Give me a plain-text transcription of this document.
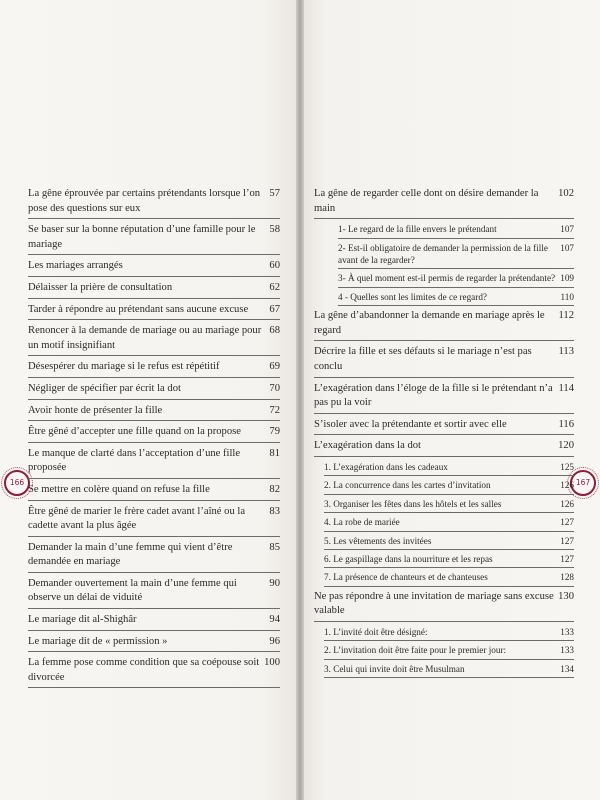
166	167
57
La gêne éprouvée par certains prétendants lorsque l’on pose des questions sur eux
58
Se baser sur la bonne réputation d’une famille pour le mariage
60
Les mariages arrangés
62
Délaisser la prière de consultation
67
Tarder à répondre au prétendant sans aucune excuse
68
Renoncer à la demande de mariage ou au mariage pour un motif insignifiant
69
Désespérer du mariage si le refus est répétitif
70
Négliger de spécifier par écrit la dot
72
Avoir honte de présenter la fille
79
Être gêné d’accepter une fille quand on la propose
81
Le manque de clarté dans l’acceptation d’une fille proposée
82
Se mettre en colère quand on refuse la fille
83
Être gêné de marier le frère cadet avant l’aîné ou la cadette avant la plus âgée
85
Demander la main d’une femme qui vient d’être demandée en mariage
90
Demander ouvertement la main d’une femme qui observe un délai de viduité
94
Le mariage dit al-Shighâr
96
Le mariage dit de « permission »
100
La femme pose comme condition que sa coépouse soit divorcée
102
La gêne de regarder celle dont on désire demander la main
107
1- Le regard de la fille envers le prétendant
107
2- Est-il obligatoire de demander la permission de la fille avant de la regarder?
109
3- À quel moment est-il permis de regarder la prétendante?
110
4 - Quelles sont les limites de ce regard?
112
La gêne d’abandonner la demande en mariage après le regard
113
Décrire la fille et ses défauts si le mariage n’est pas conclu
114
L’exagération dans l’éloge de la fille si le prétendant n’a pas pu la voir
116
S’isoler avec la prétendante et sortir avec elle
120
L’exagération dans la dot
125
1. L’exagération dans les cadeaux
126
2. La concurrence dans les cartes d’invitation
126
3. Organiser les fêtes dans les hôtels et les salles
127
4. La robe de mariée
127
5. Les vêtements des invitées
127
6. Le gaspillage dans la nourriture et les repas
128
7. La présence de chanteurs et de chanteuses
130
Ne pas répondre à une invitation de mariage sans excuse valable
133
1. L’invité doit être désigné:
133
2. L’invitation doit être faite pour le premier jour:
134
3. Celui qui invite doit être Musulman
